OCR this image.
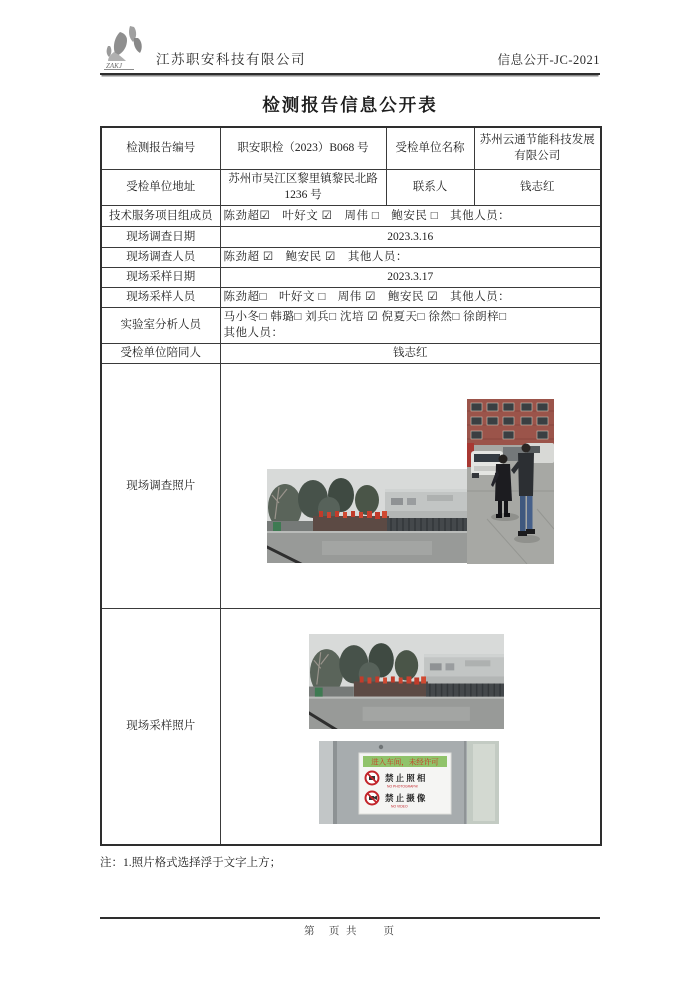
ZAKJ	江苏职安科技有限公司	信息公开-JC-2021
检测报告信息公开表
检测报告编号	职安职检（2023）B068 号	受检单位名称	苏州云通节能科技发展有限公司
受检单位地址	苏州市吴江区黎里镇黎民北路 1236 号	联系人	钱志红
技术服务项目组成员	陈劲超☑　叶好文 ☑　周伟 □　鲍安民 □　其他人员：		
现场调查日期	2023.3.16		
现场调查人员	陈劲超 ☑　鲍安民 ☑　其他人员：		
现场采样日期	2023.3.17		
现场采样人员	陈劲超□　叶好文 □　周伟 ☑　鲍安民 ☑　其他人员：		
实验室分析人员	马小冬□ 韩璐□ 刘兵□ 沈培 ☑ 倪夏天□ 徐然□ 徐朗梓□
其他人员：		

受检单位陪同人	钱志红		
现场调查照片	

现场采样照片	进入车间，未经许可
禁 止 照 相
NO PHOTOGRAPH!
禁 止 摄 像
NO VIDEO		
注：1.照片格式选择浮于文字上方；
第　页 共　　页
